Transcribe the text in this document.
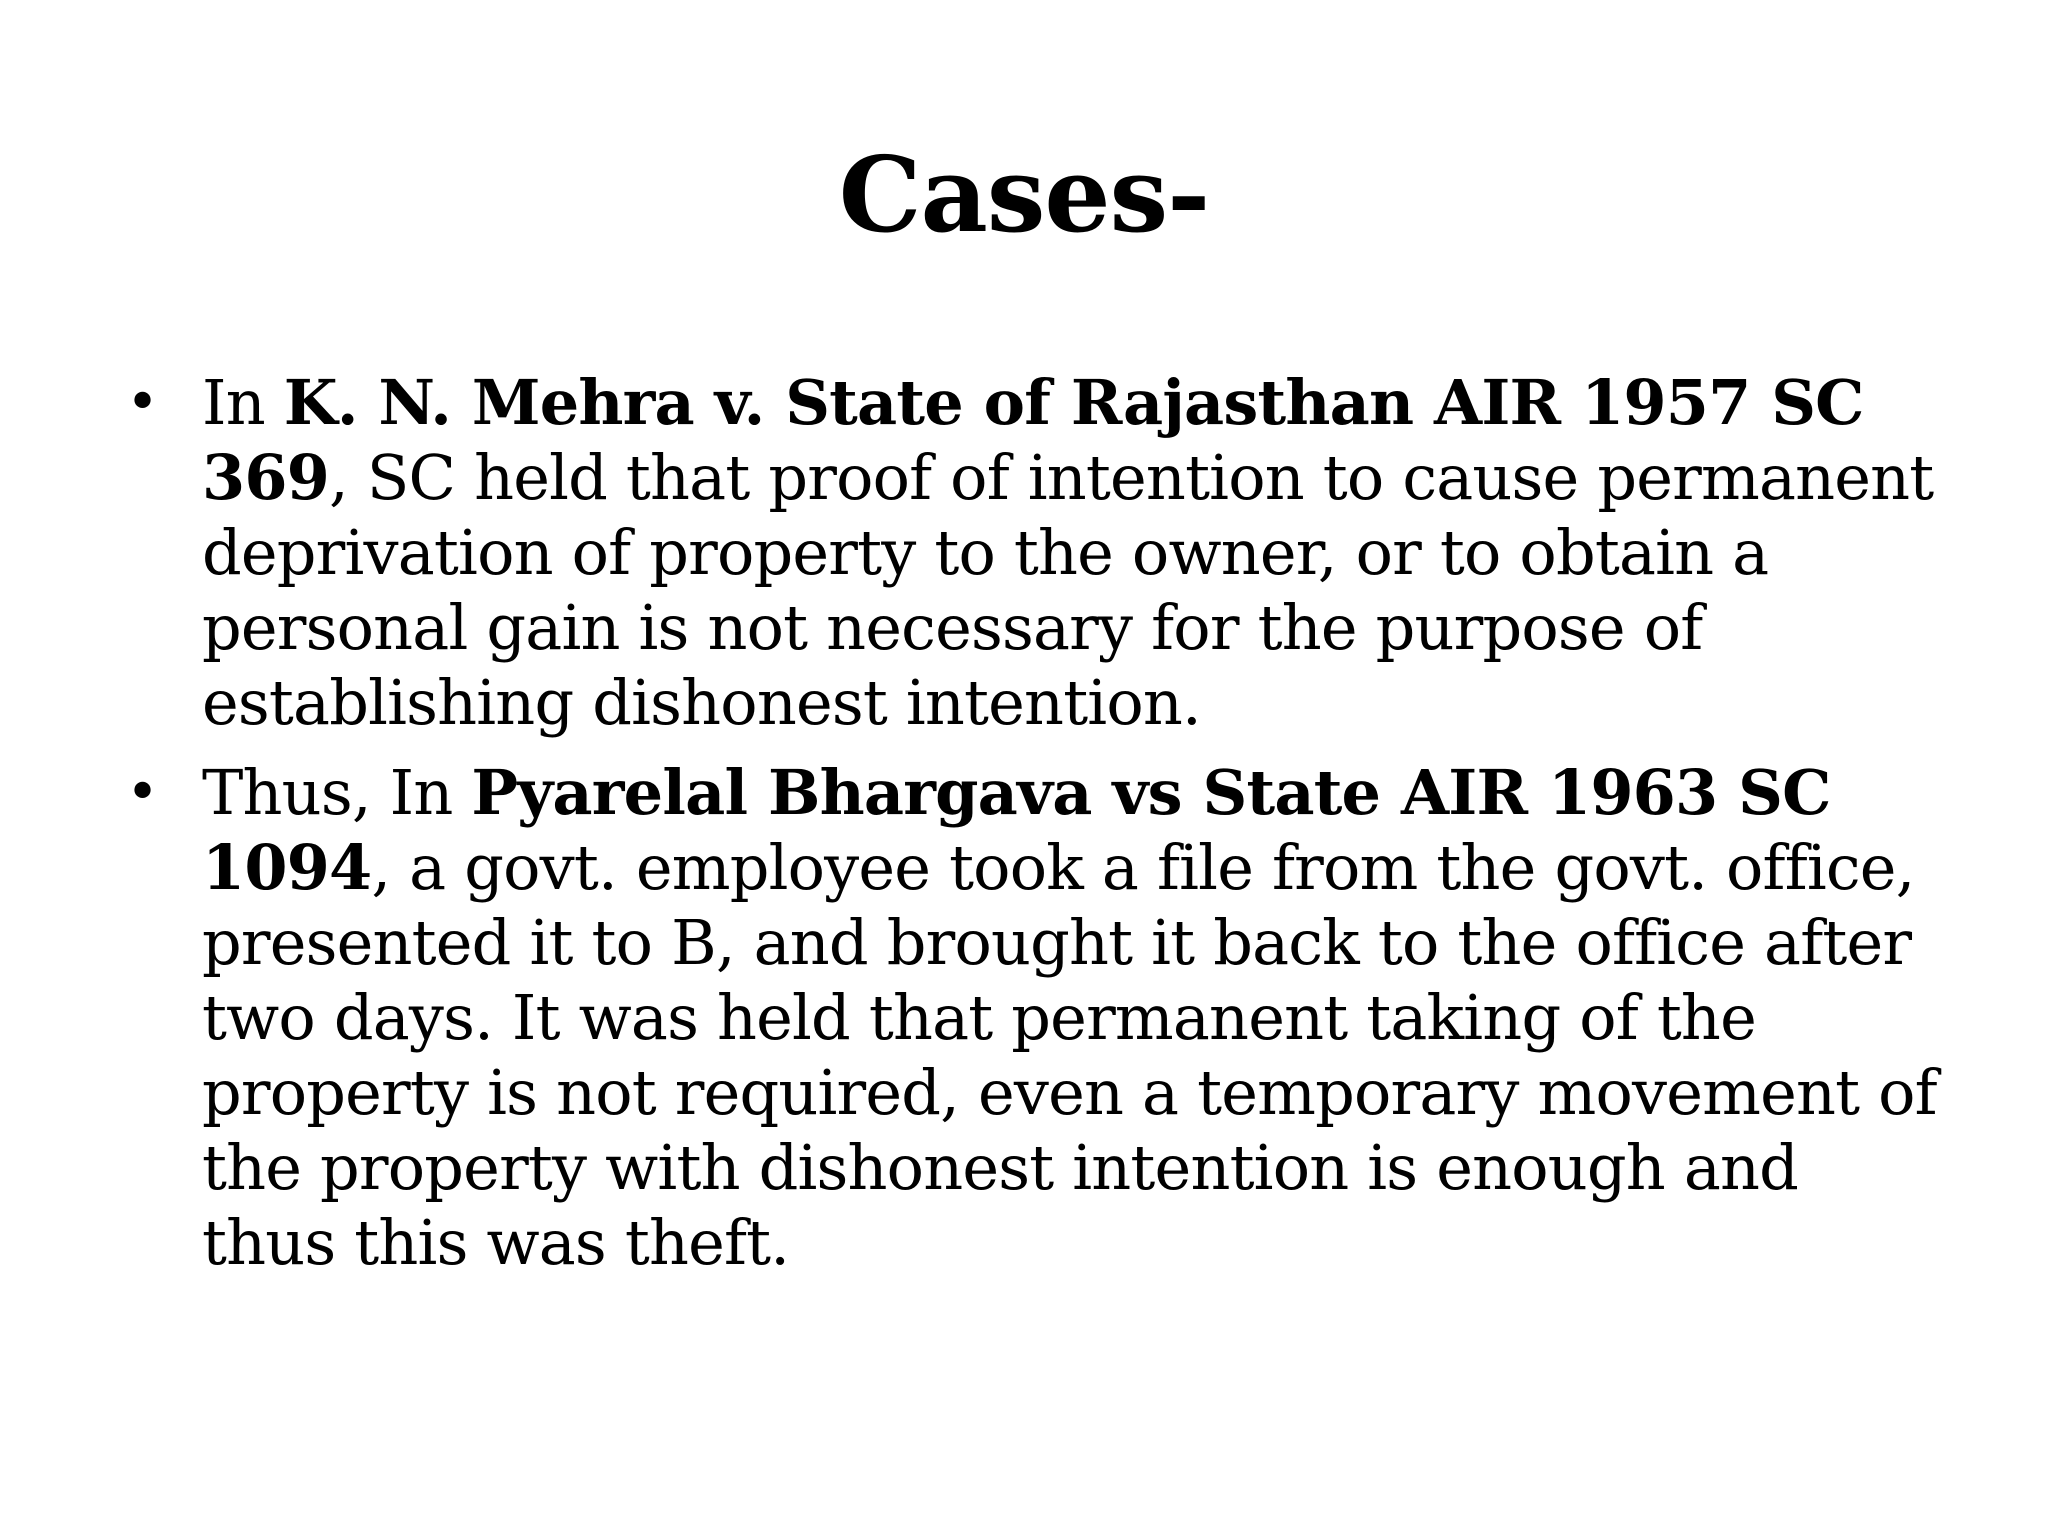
Cases-
• In K. N. Mehra v. State of Rajasthan AIR 1957 SC 369, SC held that proof of intention to cause permanent deprivation of property to the owner, or to obtain a personal gain is not necessary for the purpose of establishing dishonest intention.
• Thus, In Pyarelal Bhargava vs State AIR 1963 SC 1094, a govt. employee took a file from the govt. office, presented it to B, and brought it back to the office after two days. It was held that permanent taking of the property is not required, even a temporary movement of the property with dishonest intention is enough and thus this was theft.
